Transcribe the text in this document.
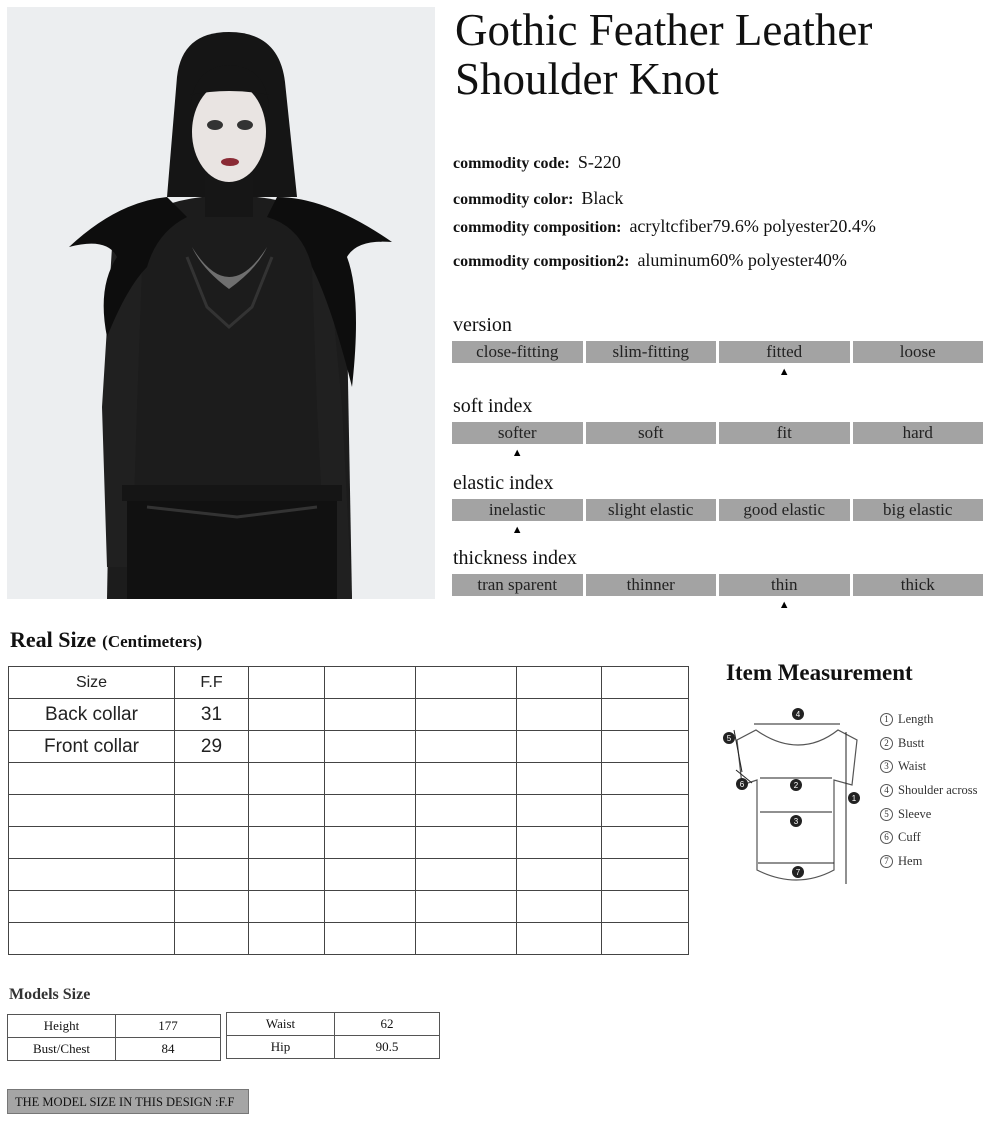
Gothic Feather Leather Shoulder Knot
commodity code: S-220
commodity color: Black
commodity composition: acryltcfiber79.6% polyester20.4%
commodity composition2: aluminum60% polyester40%
version
close-fitting	slim-fitting	fitted
▲
loose
soft index
softer
▲
soft	fit	hard
elastic index
inelastic
▲
slight elastic	good elastic	big elastic
thickness index
tran sparent	thinner	thin
▲
thick
Real Size (Centimeters)
Size	F.F					
Back collar	31					
Front collar	29					

Item Measurement
4
5
6	2
3
7
1
1 Length
2 Bustt
3 Waist
4 Shoulder across
5 Sleeve
6 Cuff
7 Hem
Models Size
Height	177
Bust/Chest	84
Waist	62
Hip	90.5
THE MODEL SIZE IN THIS DESIGN :F.F
